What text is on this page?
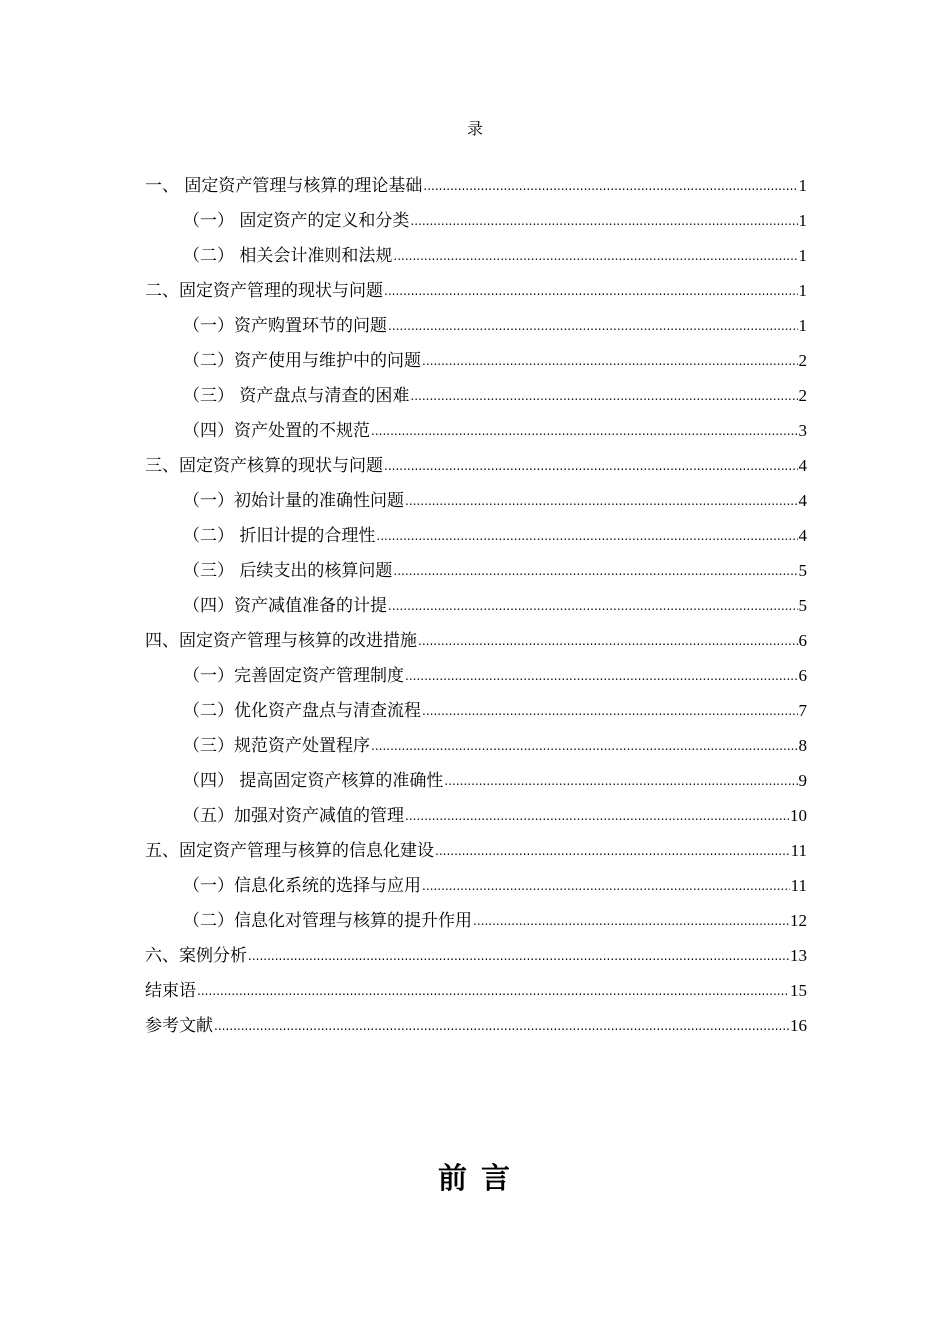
录
一、 固定资产管理与核算的理论基础 .....	1
（一） 固定资产的定义和分类 .....	1
（二） 相关会计准则和法规 .....	1
二、固定资产管理的现状与问题 .....	1
（一）资产购置环节的问题 .....	1
（二）资产使用与维护中的问题 .....	2
（三） 资产盘点与清查的困难 .....	2
（四）资产处置的不规范 .....	3
三、固定资产核算的现状与问题 .....	4
（一）初始计量的准确性问题 .....	4
（二） 折旧计提的合理性 .....	4
（三） 后续支出的核算问题 .....	5
（四）资产减值准备的计提 .....	5
四、固定资产管理与核算的改进措施 .....	6
（一）完善固定资产管理制度 .....	6
（二）优化资产盘点与清查流程 .....	7
（三）规范资产处置程序 .....	8
（四） 提高固定资产核算的准确性 .....	9
（五）加强对资产减值的管理 .....	10
五、固定资产管理与核算的信息化建设 .....	11
（一）信息化系统的选择与应用 .....	11
（二）信息化对管理与核算的提升作用 .....	12
六、案例分析 .....	13
结束语 .....	15
参考文献 .....	16
前 言
